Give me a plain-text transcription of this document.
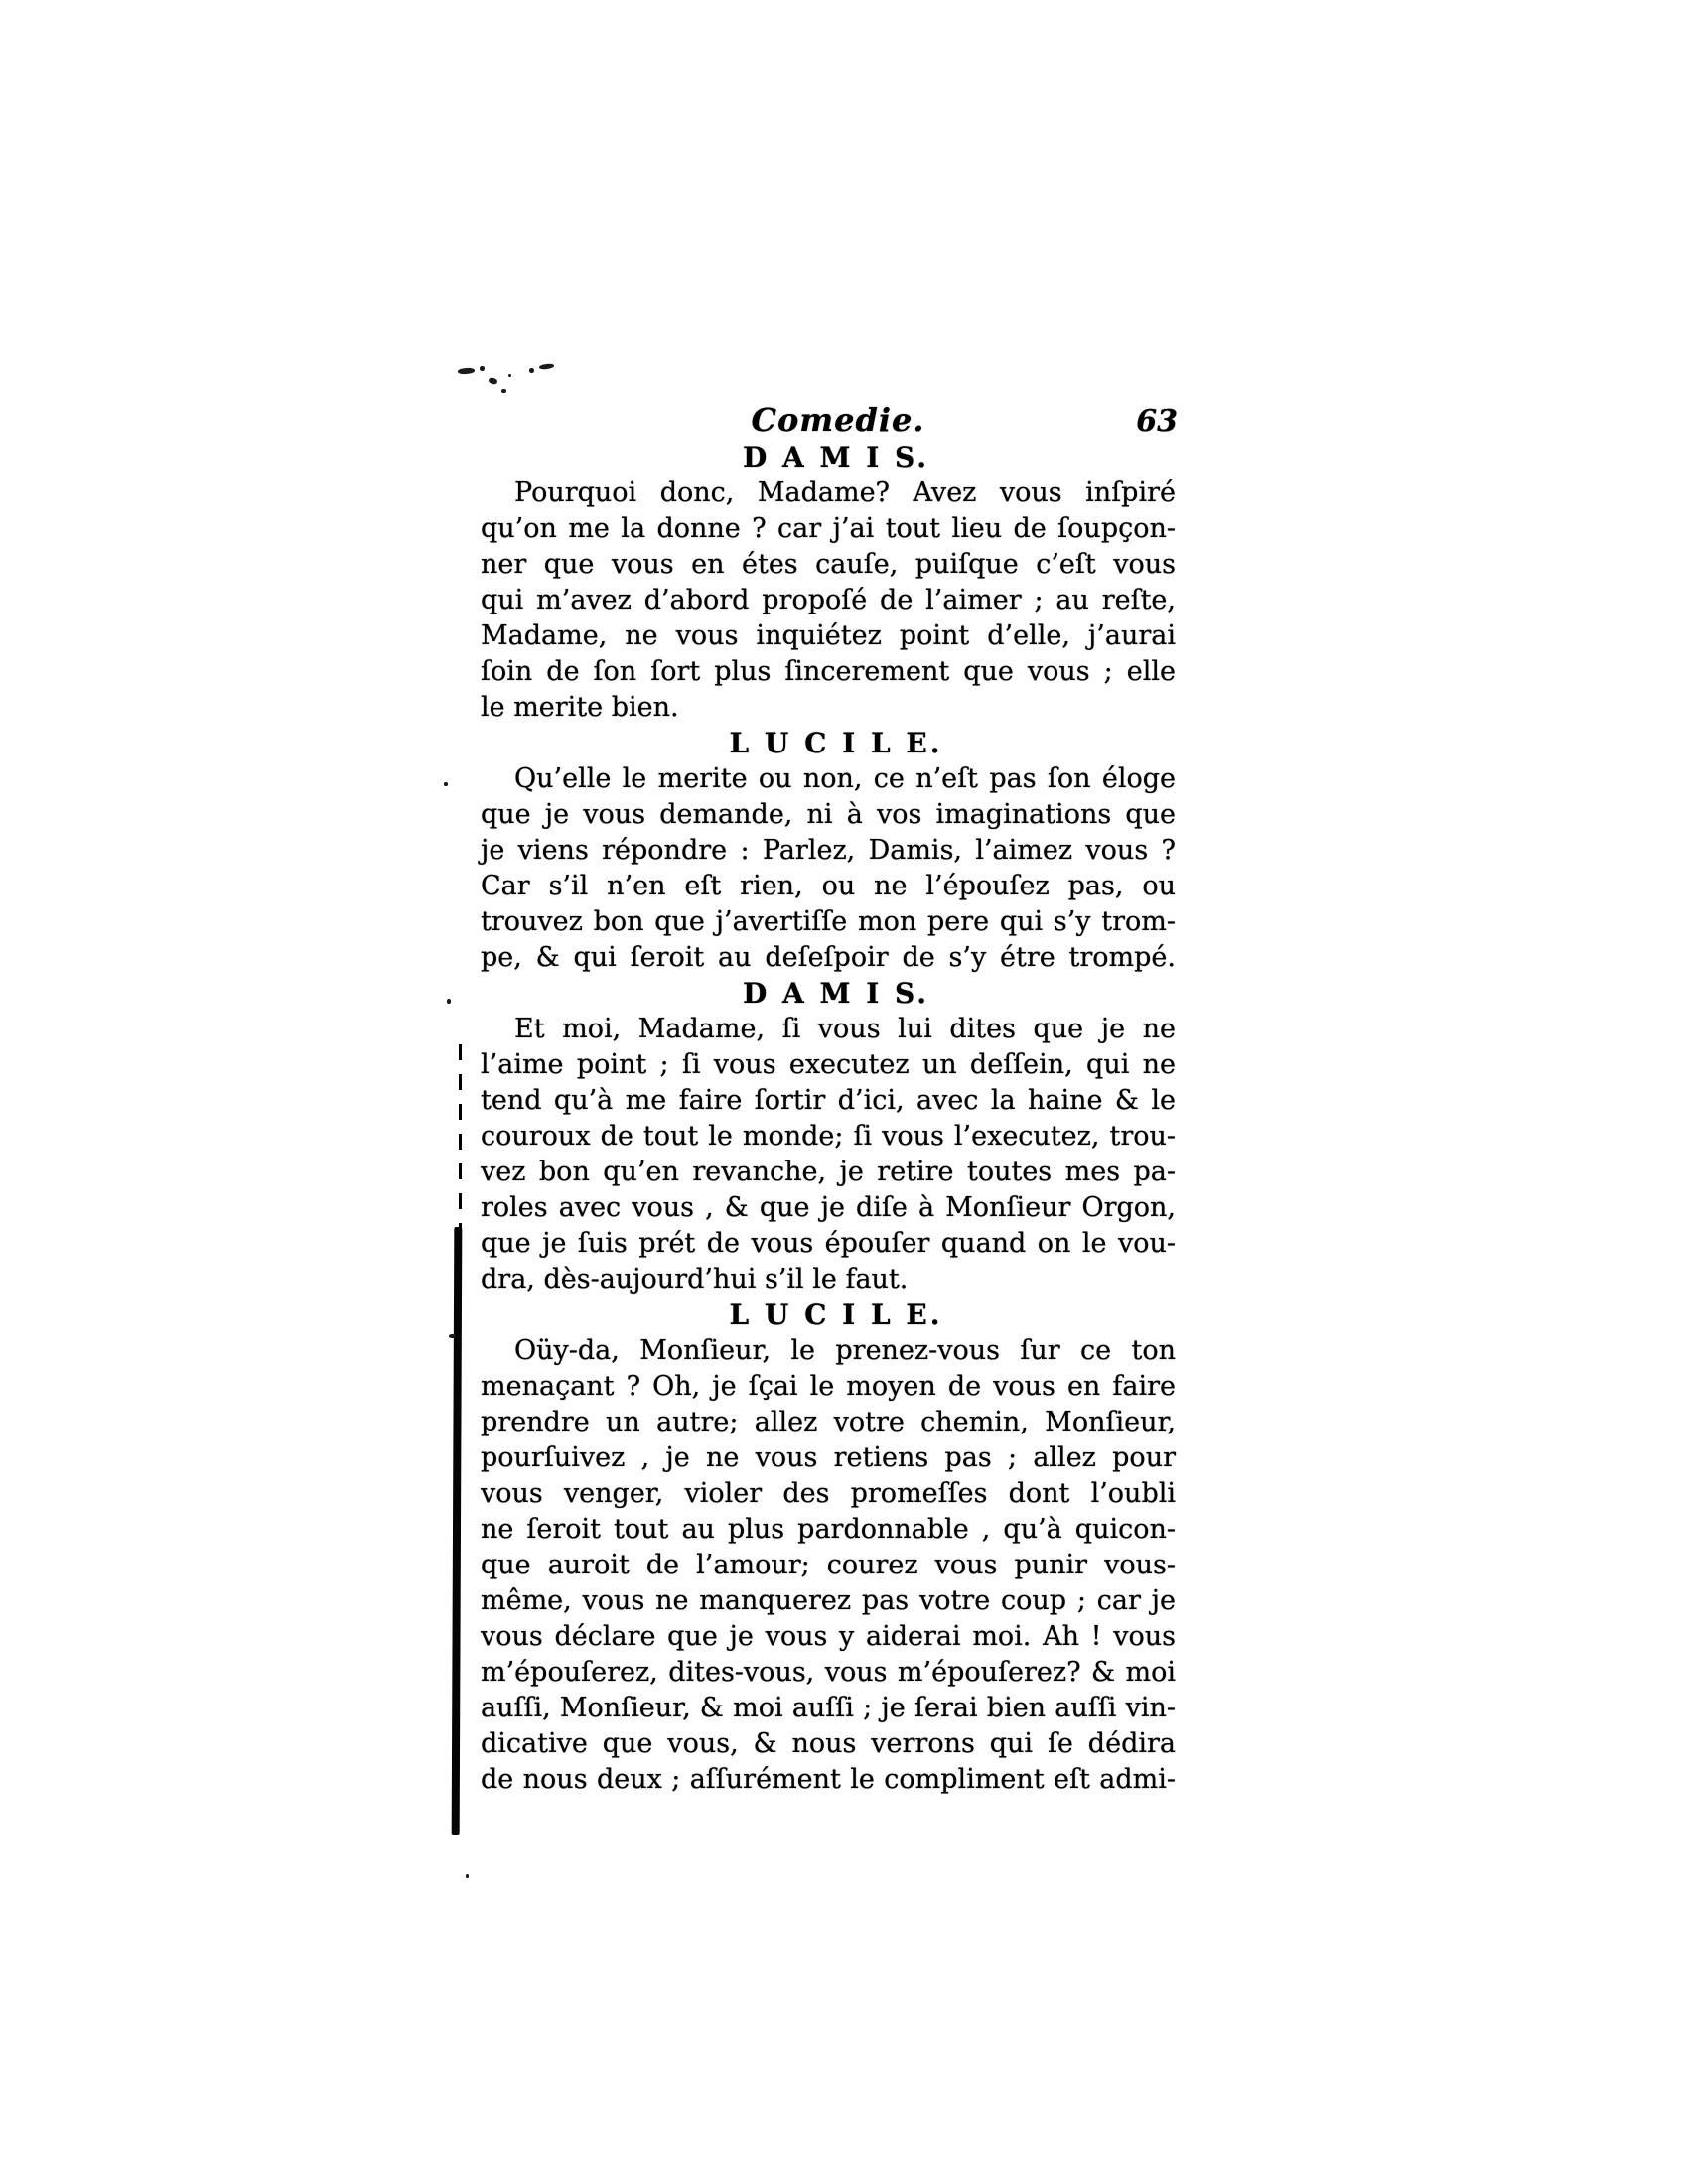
Comedie.	63
D A M I S.
Pourquoi donc, Madame? Avez vous inſpiré
qu’on me la donne ? car j’ai tout lieu de ſoupçon-
ner que vous en étes cauſe, puiſque c’eſt vous
qui m’avez d’abord propoſé de l’aimer ; au reſte,
Madame, ne vous inquiétez point d’elle, j’aurai
ſoin de ſon ſort plus ſincerement que vous ; elle
le merite bien.
L U C I L E.
Qu’elle le merite ou non, ce n’eſt pas ſon éloge
que je vous demande, ni à vos imaginations que
je viens répondre : Parlez, Damis, l’aimez vous ?
Car s’il n’en eſt rien, ou ne l’épouſez pas, ou
trouvez bon que j’avertiſſe mon pere qui s’y trom-
pe, & qui ſeroit au deſeſpoir de s’y étre trompé.
D A M I S.
Et moi, Madame, ſi vous lui dites que je ne
l’aime point ; ſi vous executez un deſſein, qui ne
tend qu’à me faire ſortir d’ici, avec la haine & le
couroux de tout le monde; ſi vous l’executez, trou-
vez bon qu’en revanche, je retire toutes mes pa-
roles avec vous , & que je diſe à Monſieur Orgon,
que je ſuis prét de vous épouſer quand on le vou-
dra, dès-aujourd’hui s’il le faut.
L U C I L E.
Oüy-da, Monſieur, le prenez-vous ſur ce ton
menaçant ? Oh, je ſçai le moyen de vous en faire
prendre un autre; allez votre chemin, Monſieur,
pourſuivez , je ne vous retiens pas ; allez pour
vous venger, violer des promeſſes dont l’oubli
ne ſeroit tout au plus pardonnable , qu’à quicon-
que auroit de l’amour; courez vous punir vous-
même, vous ne manquerez pas votre coup ; car je
vous déclare que je vous y aiderai moi. Ah ! vous
m’épouſerez, dites-vous, vous m’épouſerez? & moi
auſſi, Monſieur, & moi auſſi ; je ſerai bien auſſi vin-
dicative que vous, & nous verrons qui ſe dédira
de nous deux ; aſſurément le compliment eſt admi-
